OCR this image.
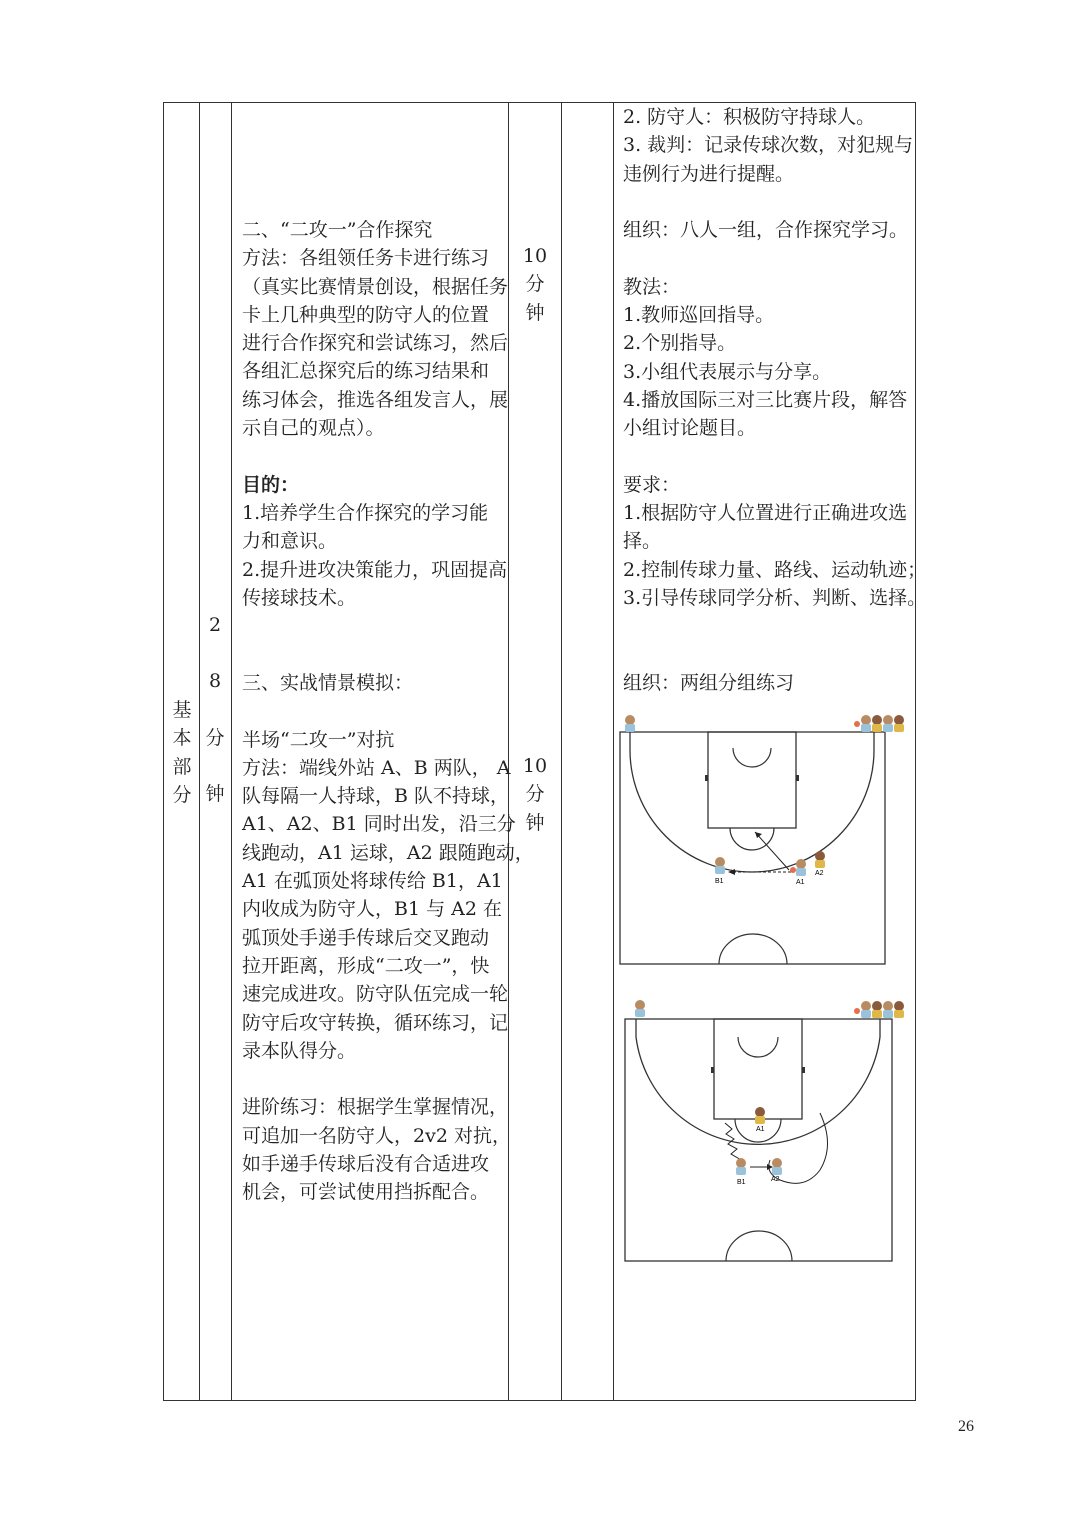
基
本
部
分
2
8
分
钟
二、“二攻一”合作探究
方法：各组领任务卡进行练习
（真实比赛情景创设，根据任务
卡上几种典型的防守人的位置
进行合作探究和尝试练习，然后
各组汇总探究后的练习结果和
练习体会，推选各组发言人，展
示自己的观点）。
目的：
1.培养学生合作探究的学习能
力和意识。
2.提升进攻决策能力，巩固提高
传接球技术。
三、实战情景模拟：
半场“二攻一”对抗
方法：端线外站 A、B 两队， A
队每隔一人持球，B 队不持球，
A1、A2、B1 同时出发，沿三分
线跑动，A1 运球，A2 跟随跑动，
A1 在弧顶处将球传给 B1，A1
内收成为防守人，B1 与 A2 在
弧顶处手递手传球后交叉跑动
拉开距离，形成“二攻一”，快
速完成进攻。防守队伍完成一轮
防守后攻守转换，循环练习，记
录本队得分。
进阶练习：根据学生掌握情况，
可追加一名防守人，2v2 对抗，
如手递手传球后没有合适进攻
机会，可尝试使用挡拆配合。
10
分
钟
10
分
钟
2. 防守人：积极防守持球人。
3. 裁判：记录传球次数，对犯规与
违例行为进行提醒。
组织：八人一组，合作探究学习。
教法：
1.教师巡回指导。
2.个别指导。
3.小组代表展示与分享。
4.播放国际三对三比赛片段，解答
小组讨论题目。
要求：
1.根据防守人位置进行正确进攻选
择。
2.控制传球力量、路线、运动轨迹；
3.引导传球同学分析、判断、选择。
组织：两组分组练习
B1	A1
A2
A1
B1	A2
26
